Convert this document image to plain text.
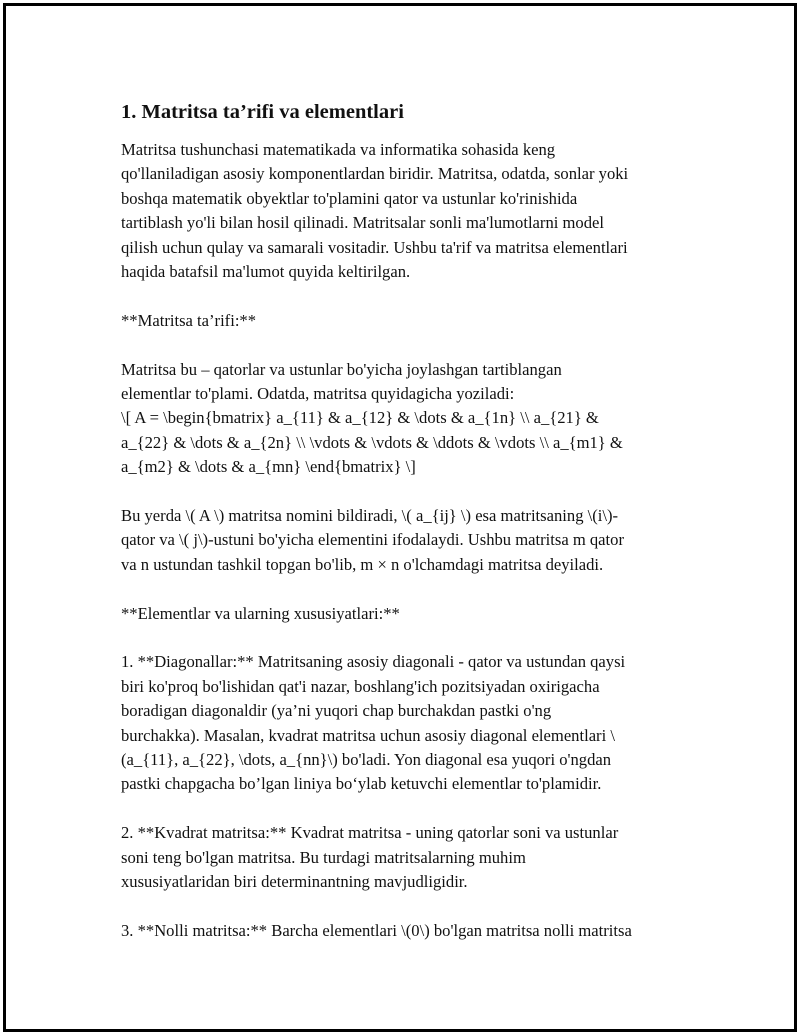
1. Matritsa ta’rifi va elementlari

Matritsa tushunchasi matematikada va informatika sohasida keng
qo'llaniladigan asosiy komponentlardan biridir. Matritsa, odatda, sonlar yoki
boshqa matematik obyektlar to'plamini qator va ustunlar ko'rinishida
tartiblash yo'li bilan hosil qilinadi. Matritsalar sonli ma'lumotlarni model
qilish uchun qulay va samarali vositadir. Ushbu ta'rif va matritsa elementlari
haqida batafsil ma'lumot quyida keltirilgan.

**Matritsa ta’rifi:**

Matritsa bu – qatorlar va ustunlar bo'yicha joylashgan tartiblangan
elementlar to'plami. Odatda, matritsa quyidagicha yoziladi:
\[ A = \begin{bmatrix} a_{11} & a_{12} & \dots & a_{1n} \\ a_{21} &
a_{22} & \dots & a_{2n} \\ \vdots & \vdots & \ddots & \vdots \\ a_{m1} &
a_{m2} & \dots & a_{mn} \end{bmatrix} \]

Bu yerda \( A \) matritsa nomini bildiradi, \( a_{ij} \) esa matritsaning \(i\)-
qator va \( j\)-ustuni bo'yicha elementini ifodalaydi. Ushbu matritsa m qator
va n ustundan tashkil topgan bo'lib, m × n o'lchamdagi matritsa deyiladi.

**Elementlar va ularning xususiyatlari:**

1. **Diagonallar:** Matritsaning asosiy diagonali - qator va ustundan qaysi
biri ko'proq bo'lishidan qat'i nazar, boshlang'ich pozitsiyadan oxirigacha
boradigan diagonaldir (ya’ni yuqori chap burchakdan pastki o'ng
burchakka). Masalan, kvadrat matritsa uchun asosiy diagonal elementlari \
(a_{11}, a_{22}, \dots, a_{nn}\) bo'ladi. Yon diagonal esa yuqori o'ngdan
pastki chapgacha bo’lgan liniya bo‘ylab ketuvchi elementlar to'plamidir.

2. **Kvadrat matritsa:** Kvadrat matritsa - uning qatorlar soni va ustunlar
soni teng bo'lgan matritsa. Bu turdagi matritsalarning muhim
xususiyatlaridan biri determinantning mavjudligidir.

3. **Nolli matritsa:** Barcha elementlari \(0\) bo'lgan matritsa nolli matritsa
